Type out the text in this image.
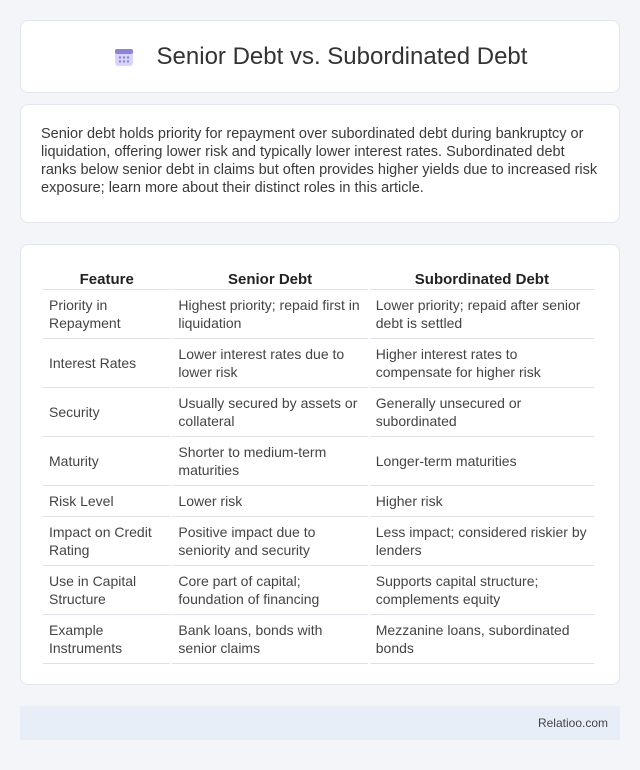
Senior Debt vs. Subordinated Debt

Senior debt holds priority for repayment over subordinated debt during bankruptcy or liquidation, offering lower risk and typically lower interest rates. Subordinated debt ranks below senior debt in claims but often provides higher yields due to increased risk exposure; learn more about their distinct roles in this article.

Feature	Senior Debt	Subordinated Debt
Priority in Repayment	Highest priority; repaid first in liquidation	Lower priority; repaid after senior debt is settled
Interest Rates	Lower interest rates due to lower risk	Higher interest rates to compensate for higher risk
Security	Usually secured by assets or collateral	Generally unsecured or subordinated
Maturity	Shorter to medium-term maturities	Longer-term maturities
Risk Level	Lower risk	Higher risk
Impact on Credit Rating	Positive impact due to seniority and security	Less impact; considered riskier by lenders
Use in Capital Structure	Core part of capital; foundation of financing	Supports capital structure; complements equity
Example Instruments	Bank loans, bonds with senior claims	Mezzanine loans, subordinated bonds
Relatioo.com
